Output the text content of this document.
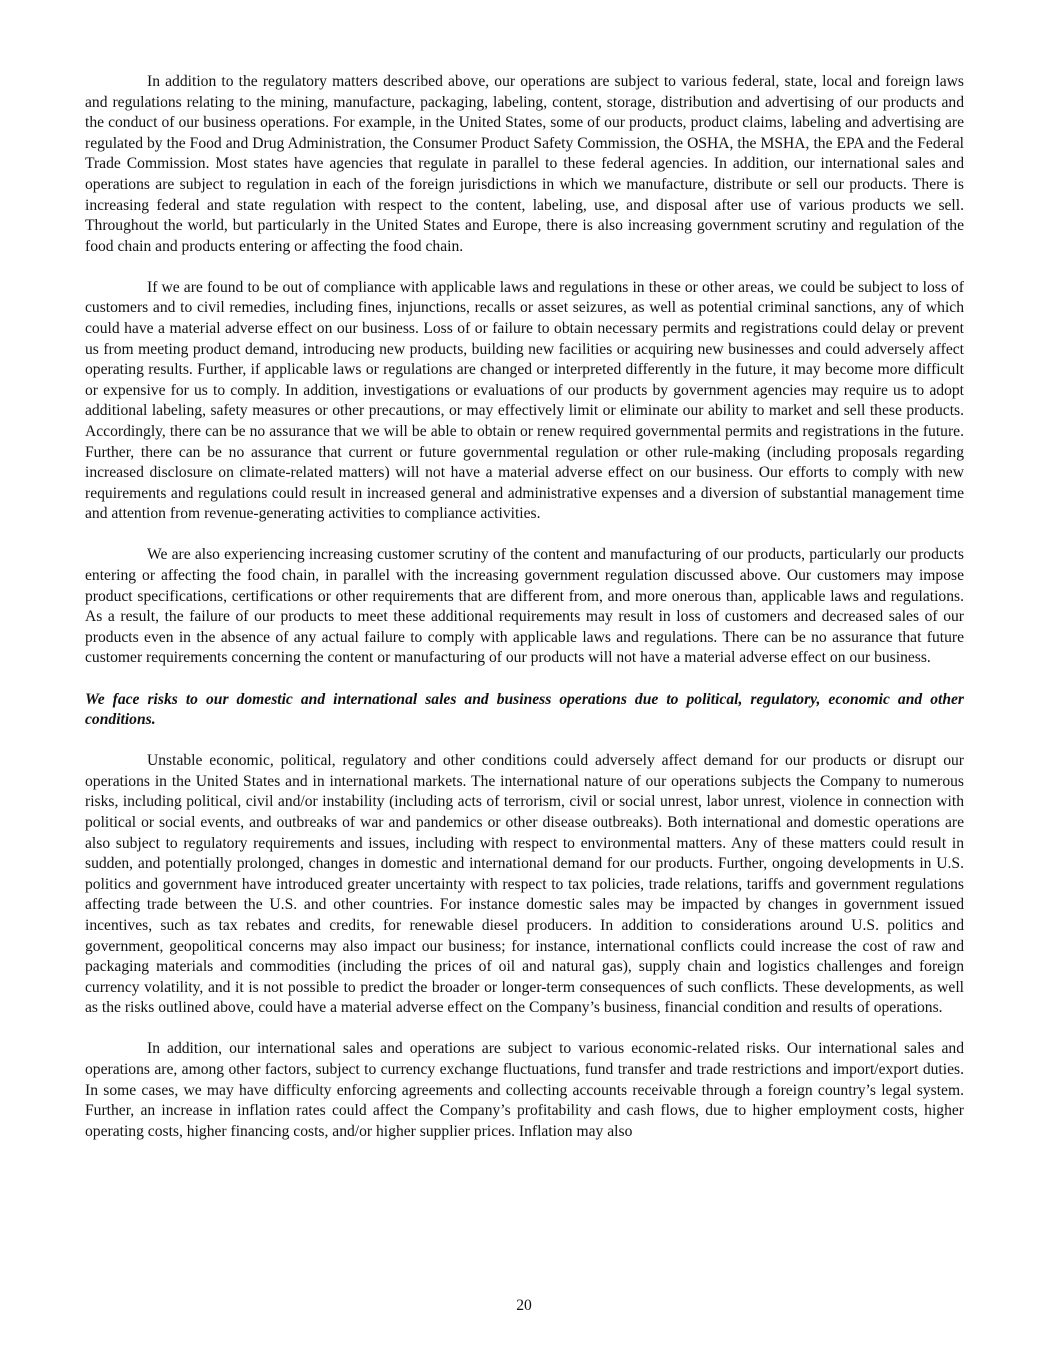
In addition to the regulatory matters described above, our operations are subject to various federal, state, local and foreign laws and regulations relating to the mining, manufacture, packaging, labeling, content, storage, distribution and advertising of our products and the conduct of our business operations. For example, in the United States, some of our products, product claims, labeling and advertising are regulated by the Food and Drug Administration, the Consumer Product Safety Commission, the OSHA, the MSHA, the EPA and the Federal Trade Commission. Most states have agencies that regulate in parallel to these federal agencies. In addition, our international sales and operations are subject to regulation in each of the foreign jurisdictions in which we manufacture, distribute or sell our products. There is increasing federal and state regulation with respect to the content, labeling, use, and disposal after use of various products we sell. Throughout the world, but particularly in the United States and Europe, there is also increasing government scrutiny and regulation of the food chain and products entering or affecting the food chain.

If we are found to be out of compliance with applicable laws and regulations in these or other areas, we could be subject to loss of customers and to civil remedies, including fines, injunctions, recalls or asset seizures, as well as potential criminal sanctions, any of which could have a material adverse effect on our business. Loss of or failure to obtain necessary permits and registrations could delay or prevent us from meeting product demand, introducing new products, building new facilities or acquiring new businesses and could adversely affect operating results. Further, if applicable laws or regulations are changed or interpreted differently in the future, it may become more difficult or expensive for us to comply. In addition, investigations or evaluations of our products by government agencies may require us to adopt additional labeling, safety measures or other precautions, or may effectively limit or eliminate our ability to market and sell these products. Accordingly, there can be no assurance that we will be able to obtain or renew required governmental permits and registrations in the future. Further, there can be no assurance that current or future governmental regulation or other rule-making (including proposals regarding increased disclosure on climate-related matters) will not have a material adverse effect on our business. Our efforts to comply with new requirements and regulations could result in increased general and administrative expenses and a diversion of substantial management time and attention from revenue-generating activities to compliance activities.

We are also experiencing increasing customer scrutiny of the content and manufacturing of our products, particularly our products entering or affecting the food chain, in parallel with the increasing government regulation discussed above. Our customers may impose product specifications, certifications or other requirements that are different from, and more onerous than, applicable laws and regulations. As a result, the failure of our products to meet these additional requirements may result in loss of customers and decreased sales of our products even in the absence of any actual failure to comply with applicable laws and regulations. There can be no assurance that future customer requirements concerning the content or manufacturing of our products will not have a material adverse effect on our business.

We face risks to our domestic and international sales and business operations due to political, regulatory, economic and other conditions.

Unstable economic, political, regulatory and other conditions could adversely affect demand for our products or disrupt our operations in the United States and in international markets. The international nature of our operations subjects the Company to numerous risks, including political, civil and/or instability (including acts of terrorism, civil or social unrest, labor unrest, violence in connection with political or social events, and outbreaks of war and pandemics or other disease outbreaks). Both international and domestic operations are also subject to regulatory requirements and issues, including with respect to environmental matters. Any of these matters could result in sudden, and potentially prolonged, changes in domestic and international demand for our products. Further, ongoing developments in U.S. politics and government have introduced greater uncertainty with respect to tax policies, trade relations, tariffs and government regulations affecting trade between the U.S. and other countries. For instance domestic sales may be impacted by changes in government issued incentives, such as tax rebates and credits, for renewable diesel producers. In addition to considerations around U.S. politics and government, geopolitical concerns may also impact our business; for instance, international conflicts could increase the cost of raw and packaging materials and commodities (including the prices of oil and natural gas), supply chain and logistics challenges and foreign currency volatility, and it is not possible to predict the broader or longer-term consequences of such conflicts. These developments, as well as the risks outlined above, could have a material adverse effect on the Company’s business, financial condition and results of operations.

In addition, our international sales and operations are subject to various economic-related risks. Our international sales and operations are, among other factors, subject to currency exchange fluctuations, fund transfer and trade restrictions and import/export duties. In some cases, we may have difficulty enforcing agreements and collecting accounts receivable through a foreign country’s legal system. Further, an increase in inflation rates could affect the Company’s profitability and cash flows, due to higher employment costs, higher operating costs, higher financing costs, and/or higher supplier prices. Inflation may also

20
